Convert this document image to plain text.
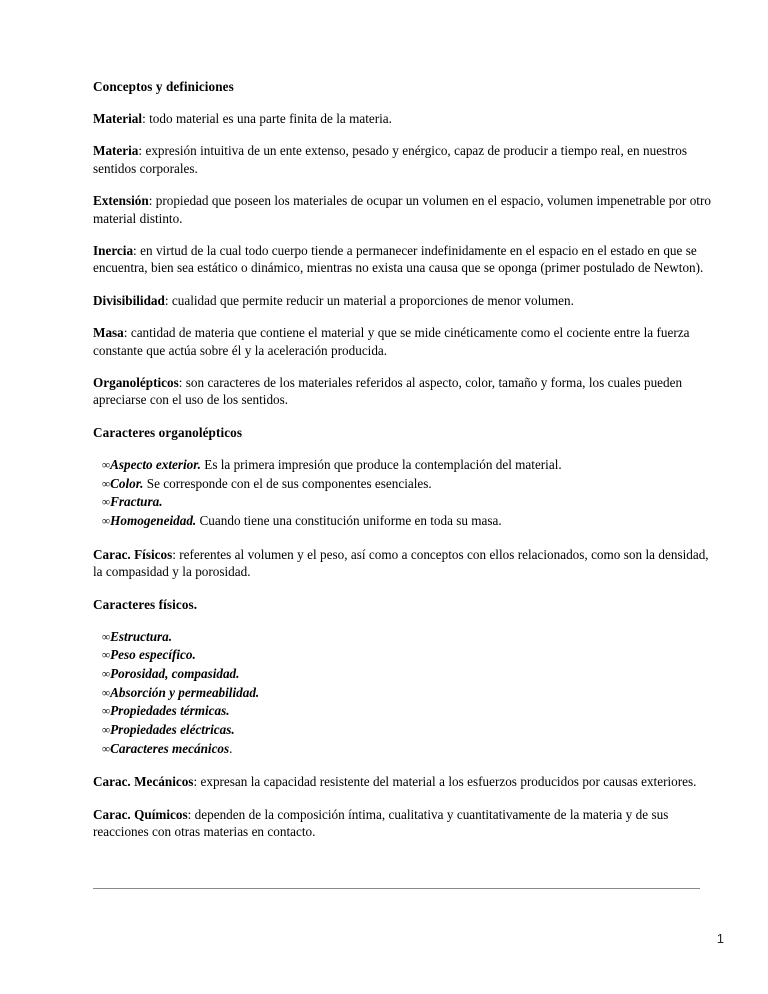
Conceptos y definiciones

Material: todo material es una parte finita de la materia.

Materia: expresión intuitiva de un ente extenso, pesado y enérgico, capaz de producir a tiempo real, en nuestros sentidos corporales.

Extensión: propiedad que poseen los materiales de ocupar un volumen en el espacio, volumen impenetrable por otro material distinto.

Inercia: en virtud de la cual todo cuerpo tiende a permanecer indefinidamente en el espacio en el estado en que se encuentra, bien sea estático o dinámico, mientras no exista una causa que se oponga (primer postulado de Newton).

Divisibilidad: cualidad que permite reducir un material a proporciones de menor volumen.

Masa: cantidad de materia que contiene el material y que se mide cinéticamente como el cociente entre la fuerza constante que actúa sobre él y la aceleración producida.

Organolépticos: son caracteres de los materiales referidos al aspecto, color, tamaño y forma, los cuales pueden apreciarse con el uso de los sentidos.

Caracteres organolépticos
∞Aspecto exterior. Es la primera impresión que produce la contemplación del material.
∞Color. Se corresponde con el de sus componentes esenciales.
∞Fractura.
∞Homogeneidad. Cuando tiene una constitución uniforme en toda su masa.

Carac. Físicos: referentes al volumen y el peso, así como a conceptos con ellos relacionados, como son la densidad, la compasidad y la porosidad.

Caracteres físicos.
∞Estructura.
∞Peso específico.
∞Porosidad, compasidad.
∞Absorción y permeabilidad.
∞Propiedades térmicas.
∞Propiedades eléctricas.
∞Caracteres mecánicos.

Carac. Mecánicos: expresan la capacidad resistente del material a los esfuerzos producidos por causas exteriores.

Carac. Químicos: dependen de la composición íntima, cualitativa y cuantitativamente de la materia y de sus reacciones con otras materias en contacto.

1
